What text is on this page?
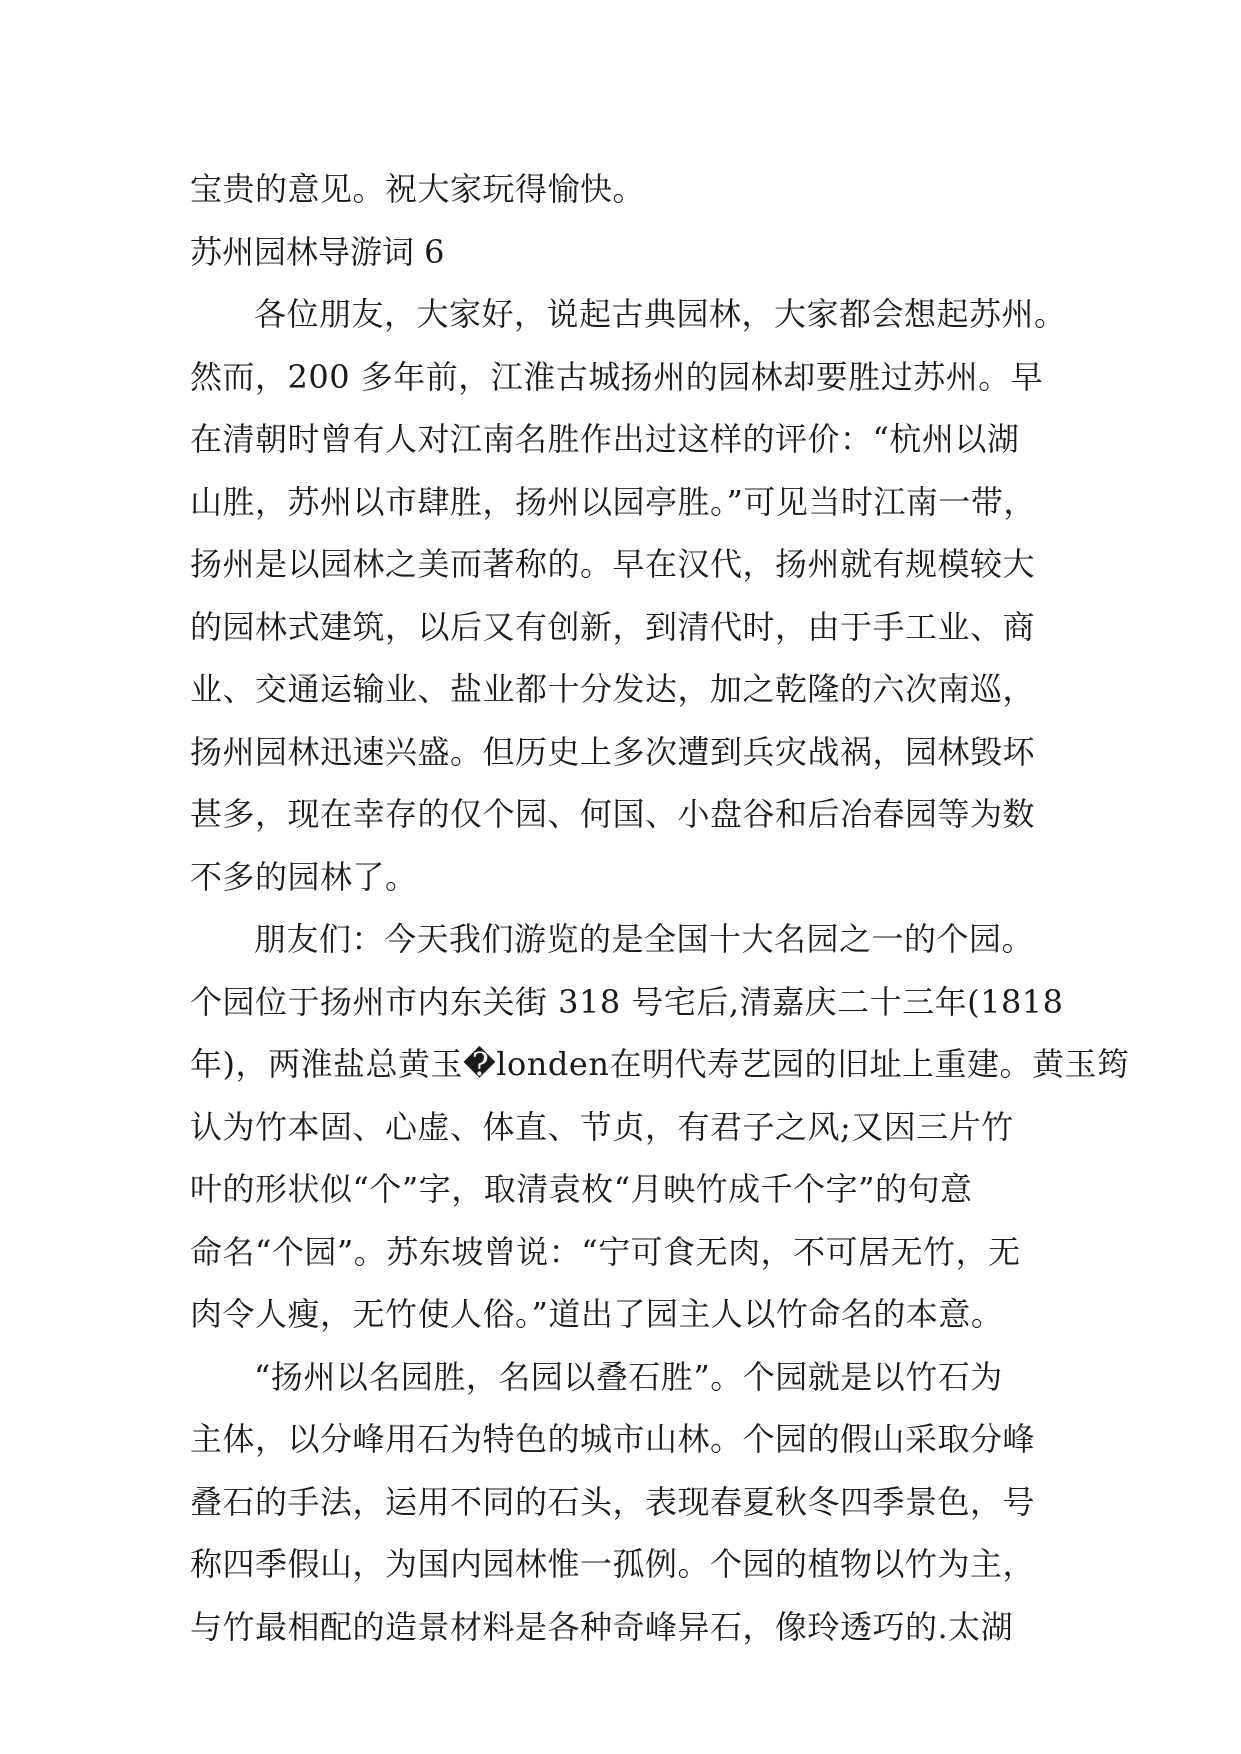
宝贵的意见。祝大家玩得愉快。

苏州园林导游词 6

各位朋友，大家好，说起古典园林，大家都会想起苏州。

然而，200 多年前，江淮古城扬州的园林却要胜过苏州。早

在清朝时曾有人对江南名胜作出过这样的评价：“杭州以湖

山胜，苏州以市肆胜，扬州以园亭胜。”可见当时江南一带，

扬州是以园林之美而著称的。早在汉代，扬州就有规模较大

的园林式建筑，以后又有创新，到清代时，由于手工业、商

业、交通运输业、盐业都十分发达，加之乾隆的六次南巡，

扬州园林迅速兴盛。但历史上多次遭到兵灾战祸，园林毁坏

甚多，现在幸存的仅个园、何国、小盘谷和后冶春园等为数

不多的园林了。

朋友们：今天我们游览的是全国十大名园之一的个园。

个园位于扬州市内东关街 318 号宅后,清嘉庆二十三年(1818

年)，两淮盐总黄玉�londen在明代寿艺园的旧址上重建。黄玉筠

认为竹本固、心虚、体直、节贞，有君子之风;又因三片竹

叶的形状似“个”字，取清袁枚“月映竹成千个字”的句意

命名“个园”。苏东坡曾说：“宁可食无肉，不可居无竹，无

肉令人瘦，无竹使人俗。”道出了园主人以竹命名的本意。

“扬州以名园胜，名园以叠石胜”。个园就是以竹石为

主体，以分峰用石为特色的城市山林。个园的假山采取分峰

叠石的手法，运用不同的石头，表现春夏秋冬四季景色，号

称四季假山，为国内园林惟一孤例。个园的植物以竹为主，

与竹最相配的造景材料是各种奇峰异石，像玲透巧的.太湖
